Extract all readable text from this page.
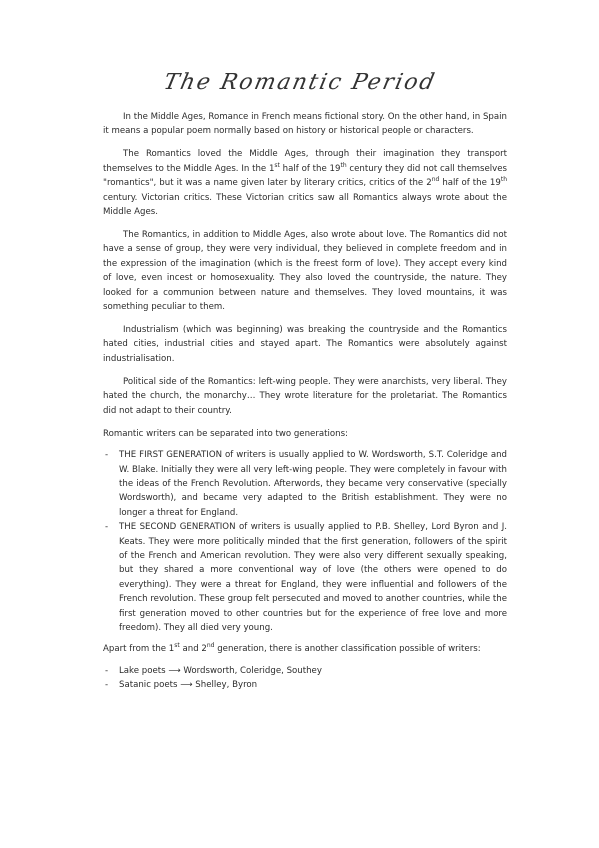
The Romantic Period

In the Middle Ages, Romance in French means fictional story. On the other hand, in Spain it means a popular poem normally based on history or historical people or characters.

The Romantics loved the Middle Ages, through their imagination they transport themselves to the Middle Ages. In the 1st half of the 19th century they did not call themselves "romantics", but it was a name given later by literary critics, critics of the 2nd half of the 19th century. Victorian critics. These Victorian critics saw all Romantics always wrote about the Middle Ages.

The Romantics, in addition to Middle Ages, also wrote about love. The Romantics did not have a sense of group, they were very individual, they believed in complete freedom and in the expression of the imagination (which is the freest form of love). They accept every kind of love, even incest or homosexuality. They also loved the countryside, the nature. They looked for a communion between nature and themselves. They loved mountains, it was something peculiar to them.

Industrialism (which was beginning) was breaking the countryside and the Romantics hated cities, industrial cities and stayed apart. The Romantics were absolutely against industrialisation.

Political side of the Romantics: left-wing people. They were anarchists, very liberal. They hated the church, the monarchy… They wrote literature for the proletariat. The Romantics did not adapt to their country.

Romantic writers can be separated into two generations:

- THE FIRST GENERATION of writers is usually applied to W. Wordsworth, S.T. Coleridge and W. Blake. Initially they were all very left-wing people. They were completely in favour with the ideas of the French Revolution. Afterwords, they became very conservative (specially Wordsworth), and became very adapted to the British establishment. They were no longer a threat for England.
- THE SECOND GENERATION of writers is usually applied to P.B. Shelley, Lord Byron and J. Keats. They were more politically minded that the first generation, followers of the spirit of the French and American revolution. They were also very different sexually speaking, but they shared a more conventional way of love (the others were opened to do everything). They were a threat for England, they were influential and followers of the French revolution. These group felt persecuted and moved to another countries, while the first generation moved to other countries but for the experience of free love and more freedom). They all died very young.

Apart from the 1st and 2nd generation, there is another classification possible of writers:

- Lake poets ⟶ Wordsworth, Coleridge, Southey
- Satanic poets ⟶ Shelley, Byron
